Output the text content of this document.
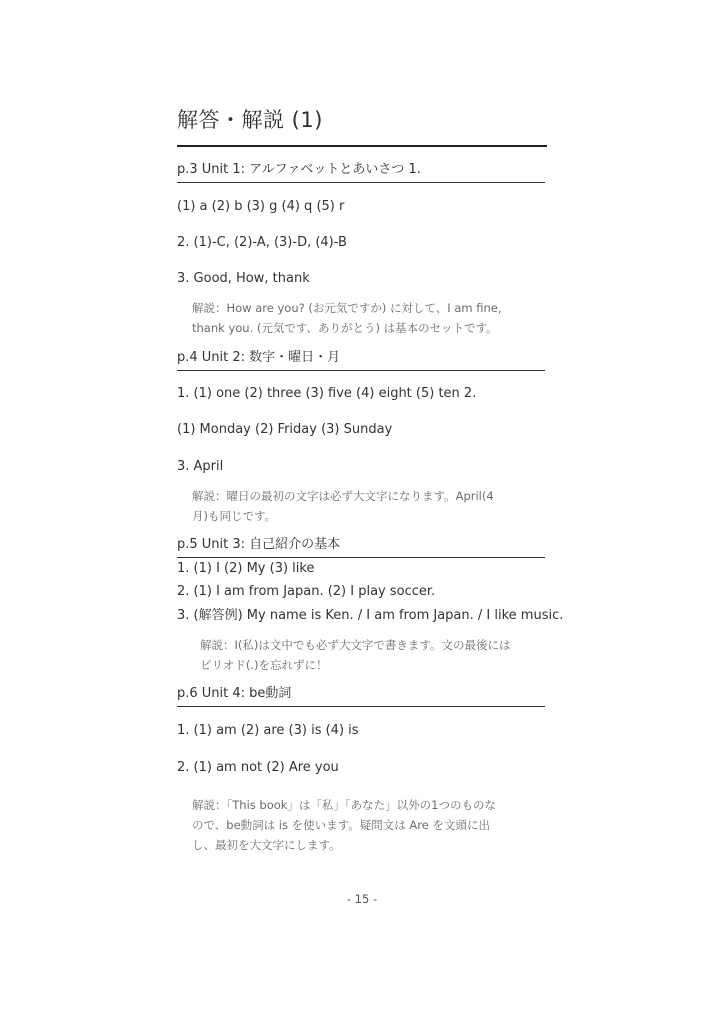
解答・解説 (1)
p.3 Unit 1: アルファベットとあいさつ 1.
(1) a (2) b (3) g (4) q (5) r
2. (1)-C, (2)-A, (3)-D, (4)-B
3. Good, How, thank
解説：How are you? (お元気ですか) に対して、I am fine,
thank you. (元気です、ありがとう) は基本のセットです。
p.4 Unit 2: 数字・曜日・月
1. (1) one (2) three (3) five (4) eight (5) ten 2.
(1) Monday (2) Friday (3) Sunday
3. April
解説：曜日の最初の文字は必ず大文字になります。April(4
月)も同じです。
p.5 Unit 3: 自己紹介の基本
1. (1) I (2) My (3) like
2. (1) I am from Japan. (2) I play soccer.
3. (解答例) My name is Ken. / I am from Japan. / I like music.
解説：I(私)は文中でも必ず大文字で書きます。文の最後には
ピリオド(.)を忘れずに！
p.6 Unit 4: be動詞
1. (1) am (2) are (3) is (4) is
2. (1) am not (2) Are you
解説：「This book」は「私」「あなた」以外の1つのものな
ので、be動詞は is を使います。疑問文は Are を文頭に出
し、最初を大文字にします。
- 15 -
